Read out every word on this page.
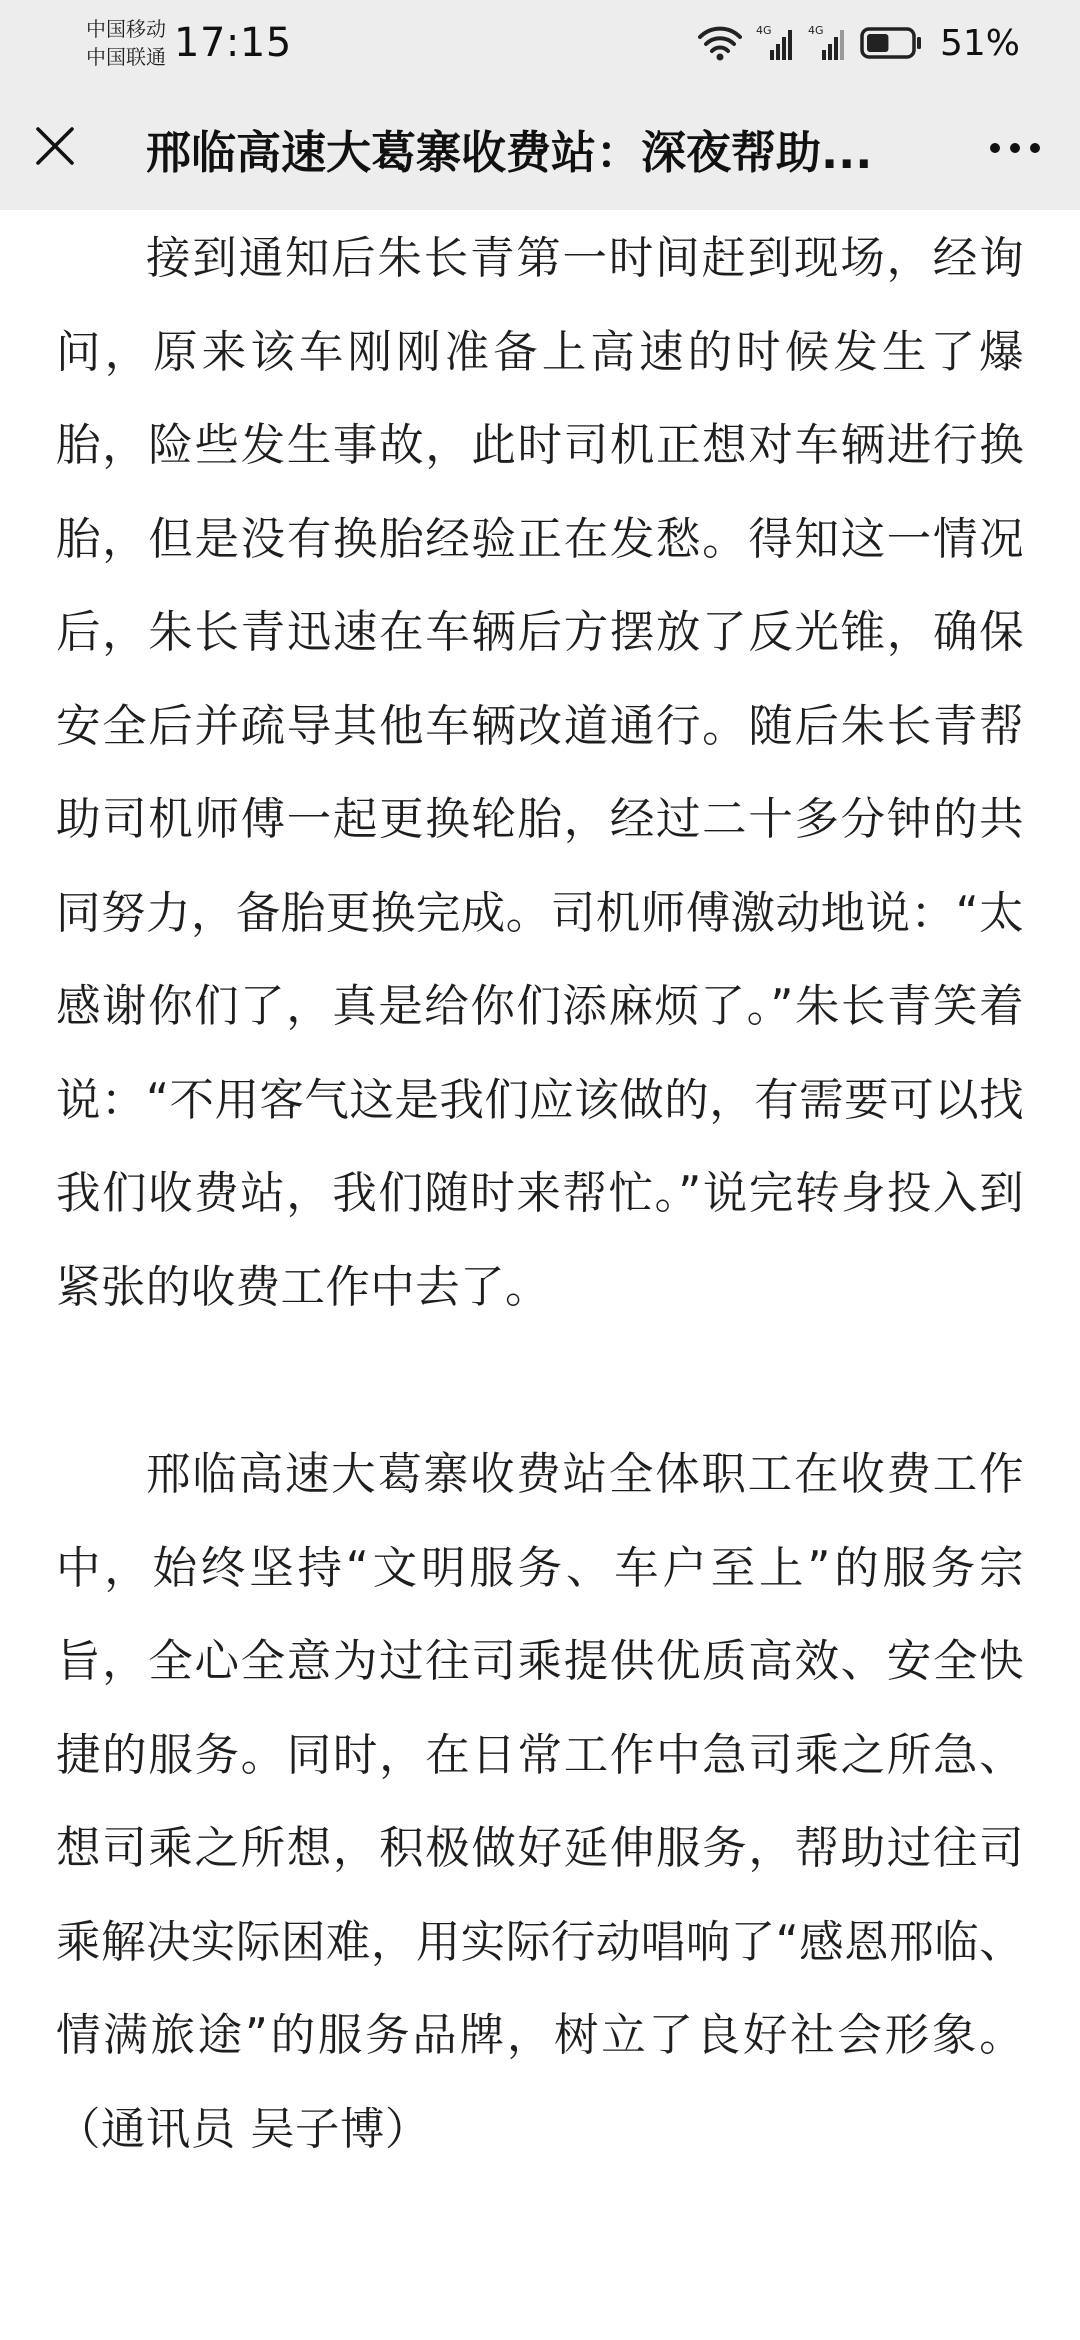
中国移动
中国联通 17:15	4G	4G	51%
邢临高速大葛寨收费站：深夜帮助...

接到通知后朱长青第一时间赶到现场，经询问，原来该车刚刚准备上高速的时候发生了爆胎，险些发生事故，此时司机正想对车辆进行换胎，但是没有换胎经验正在发愁。得知这一情况后，朱长青迅速在车辆后方摆放了反光锥，确保安全后并疏导其他车辆改道通行。随后朱长青帮助司机师傅一起更换轮胎，经过二十多分钟的共同努力，备胎更换完成。司机师傅激动地说：“太感谢你们了，真是给你们添麻烦了。”朱长青笑着说：“不用客气这是我们应该做的，有需要可以找我们收费站，我们随时来帮忙。”说完转身投入到紧张的收费工作中去了。

邢临高速大葛寨收费站全体职工在收费工作中，始终坚持“文明服务、车户至上”的服务宗旨，全心全意为过往司乘提供优质高效、安全快捷的服务。同时，在日常工作中急司乘之所急、想司乘之所想，积极做好延伸服务，帮助过往司乘解决实际困难，用实际行动唱响了“感恩邢临、情满旅途”的服务品牌，树立了良好社会形象。（通讯员 吴子博）
